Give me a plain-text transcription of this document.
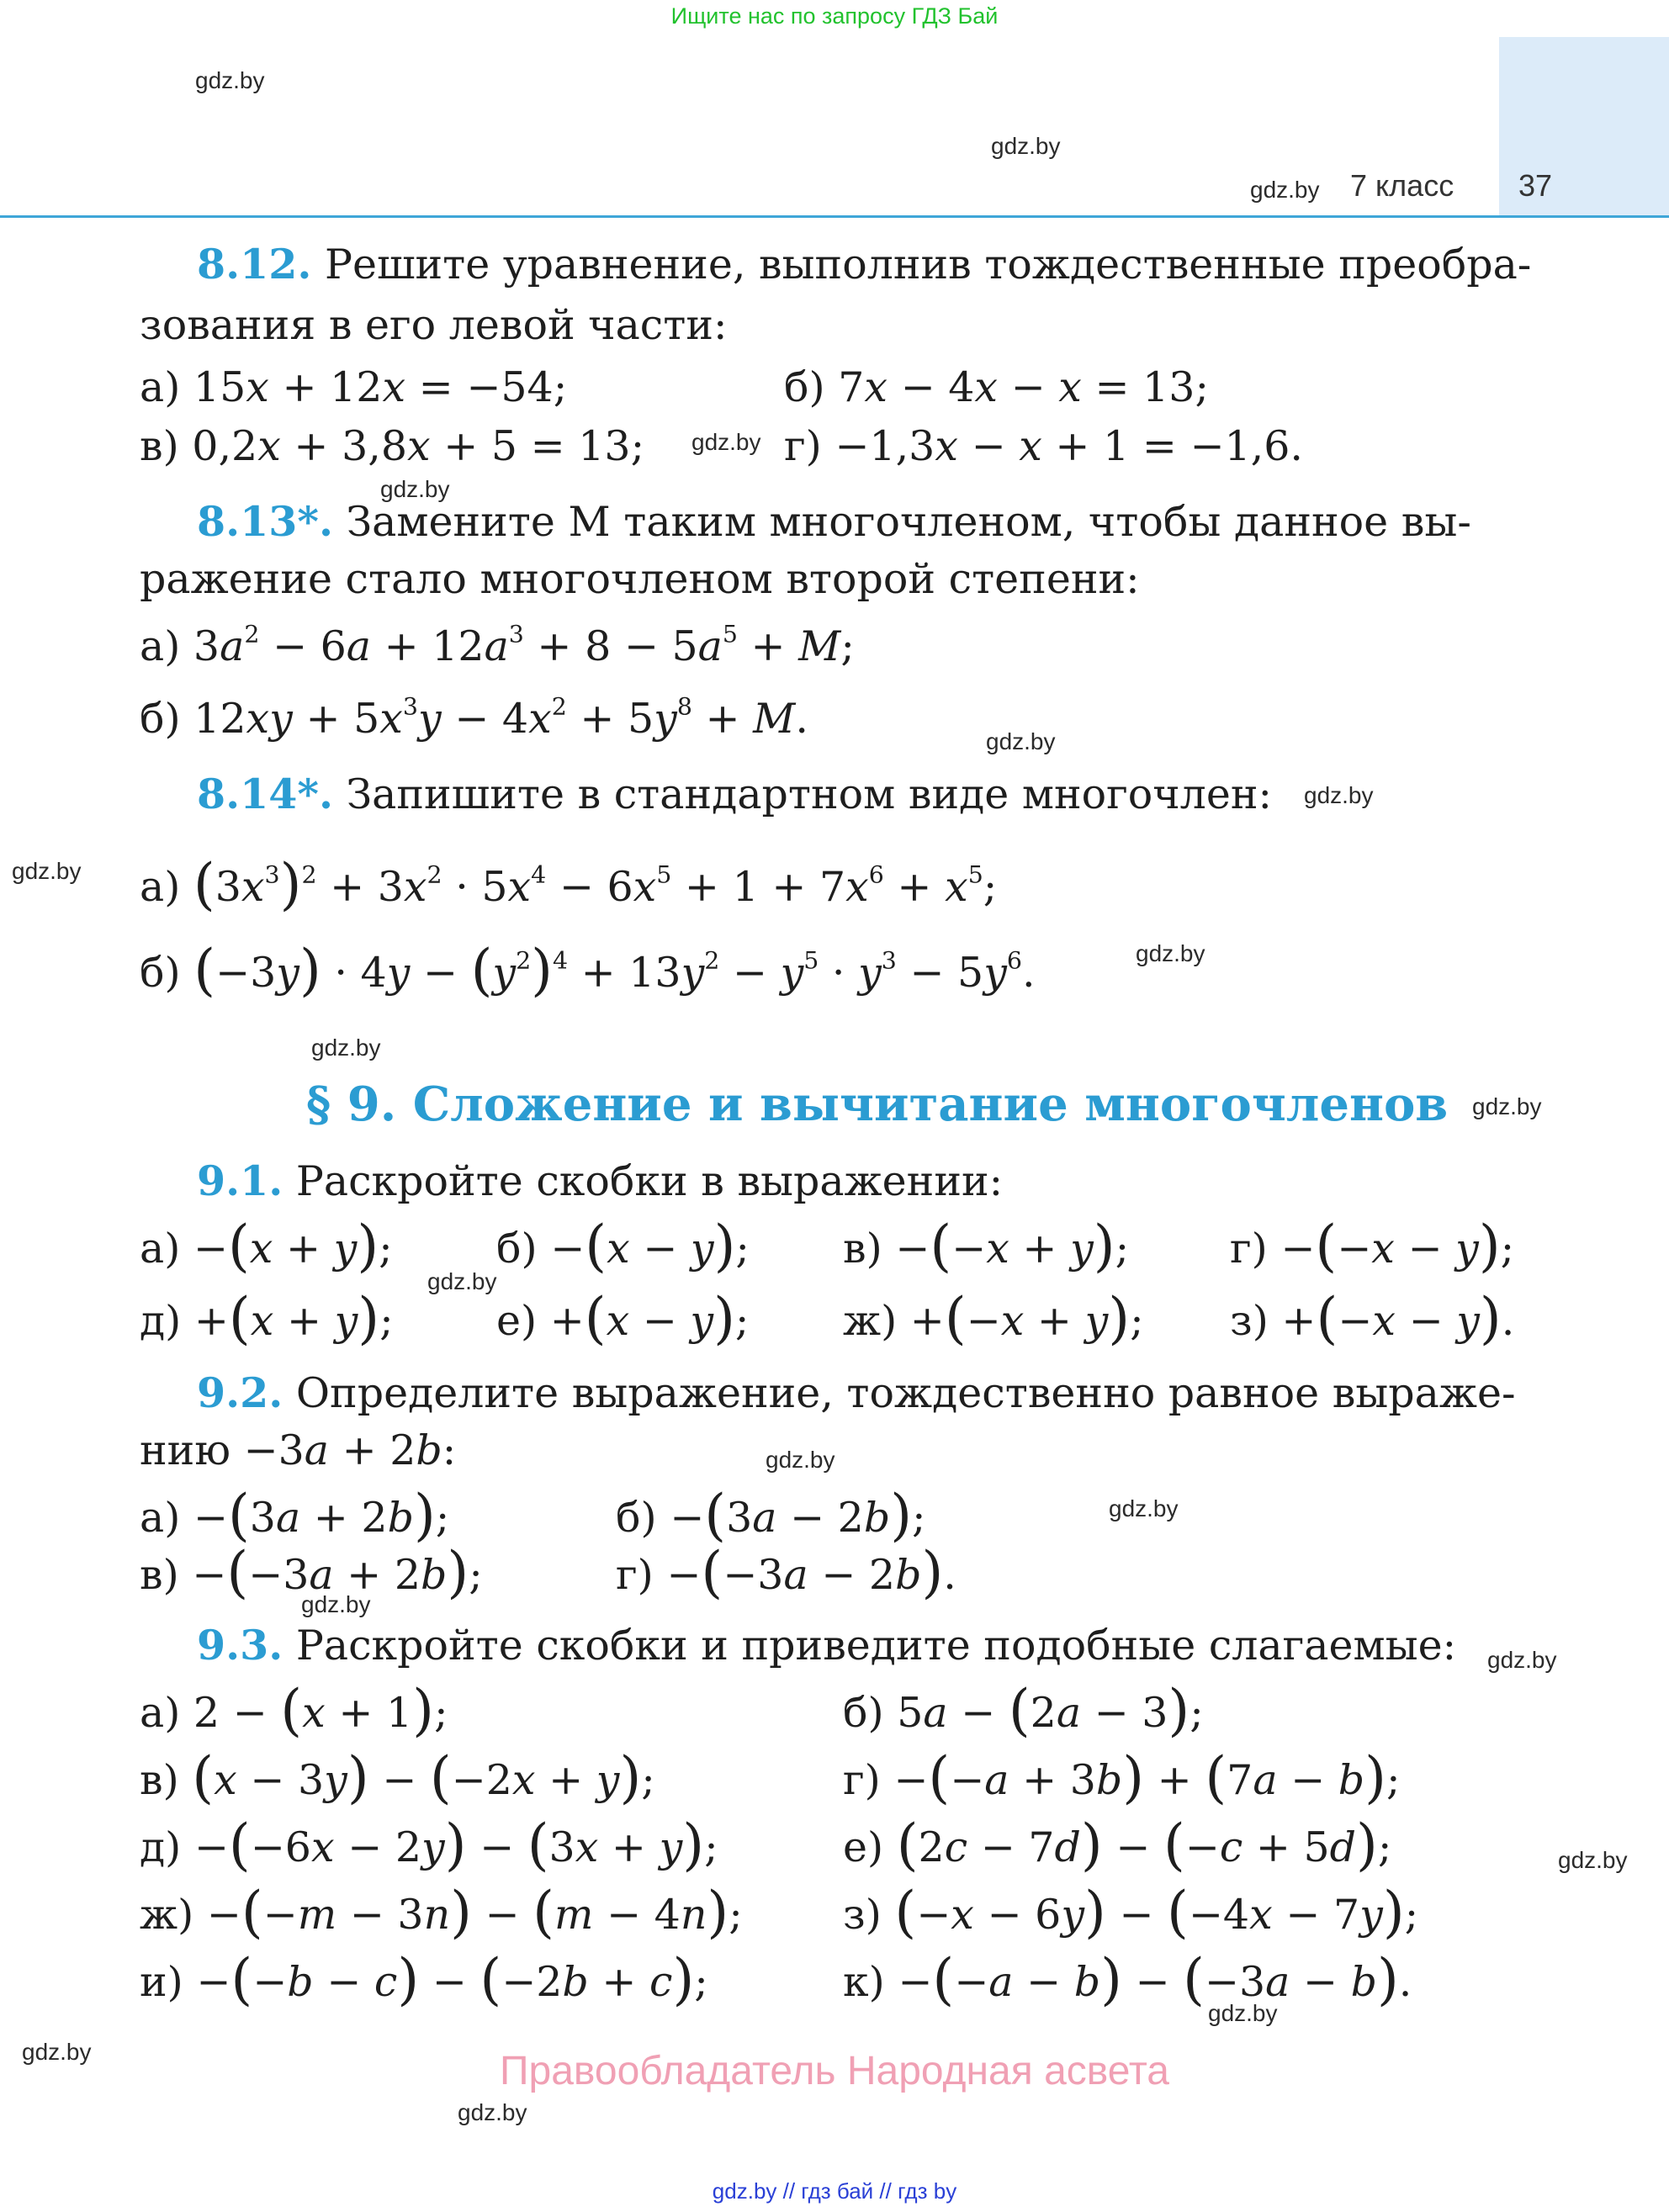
Ищите нас по запросу ГДЗ Бай
7 класс 37
gdz.by
gdz.by
gdz.by
gdz.by
gdz.by
gdz.by
gdz.by
gdz.by
gdz.by
gdz.by
gdz.by
gdz.by
gdz.by
gdz.by
gdz.by
gdz.by
gdz.by
gdz.by
gdz.by
gdz.by
8.12. Решите уравнение, выполнив тождественные преобра-
зования в его левой части:
а) 15x + 12x = −54;	б) 7x − 4x − x = 13;
в) 0,2x + 3,8x + 5 = 13;	г) −1,3x − x + 1 = −1,6.
8.13*. Замените M таким многочленом, чтобы данное вы-
ражение стало многочленом второй степени:
а) $3a^2 - 6a + 12a^3 + 8 - 5a^5 + M$;
б) $12xy + 5x^3y - 4x^2 + 5y^8 + M$.
8.14*. Запишите в стандартном виде многочлен:
а) $(3x^3)^2 + 3x^2 \cdot 5x^4 - 6x^5 + 1 + 7x^6 + x^5$;
б) $(-3y) \cdot 4y - (y^2)^4 + 13y^2 - y^5 \cdot y^3 - 5y^6$.
§ 9. Сложение и вычитание многочленов
9.1. Раскройте скобки в выражении:
а) −(x + y);	б) −(x − y); в) −(−x + y); г) −(−x − y);
д) +(x + y); е) +(x − y); ж) +(−x + y); з) +(−x − y).
9.2. Определите выражение, тождественно равное выраже-
нию −3a + 2b:
а) −(3a + 2b);	б) −(3a − 2b);
в) −(−3a + 2b);	г) −(−3a − 2b).
9.3. Раскройте скобки и приведите подобные слагаемые:
а) 2 − (x + 1);	б) 5a − (2a − 3);
в) (x − 3y) − (−2x + y);	г) −(−a + 3b) + (7a − b);
д) −(−6x − 2y) − (3x + y);	е) (2c − 7d) − (−c + 5d);
ж) −(−m − 3n) − (m − 4n); з) (−x − 6y) − (−4x − 7y);
и) −(−b − c) − (−2b + c);	к) −(−a − b) − (−3a − b).
Правообладатель Народная асвета
gdz.by // гдз бай // гдз by
